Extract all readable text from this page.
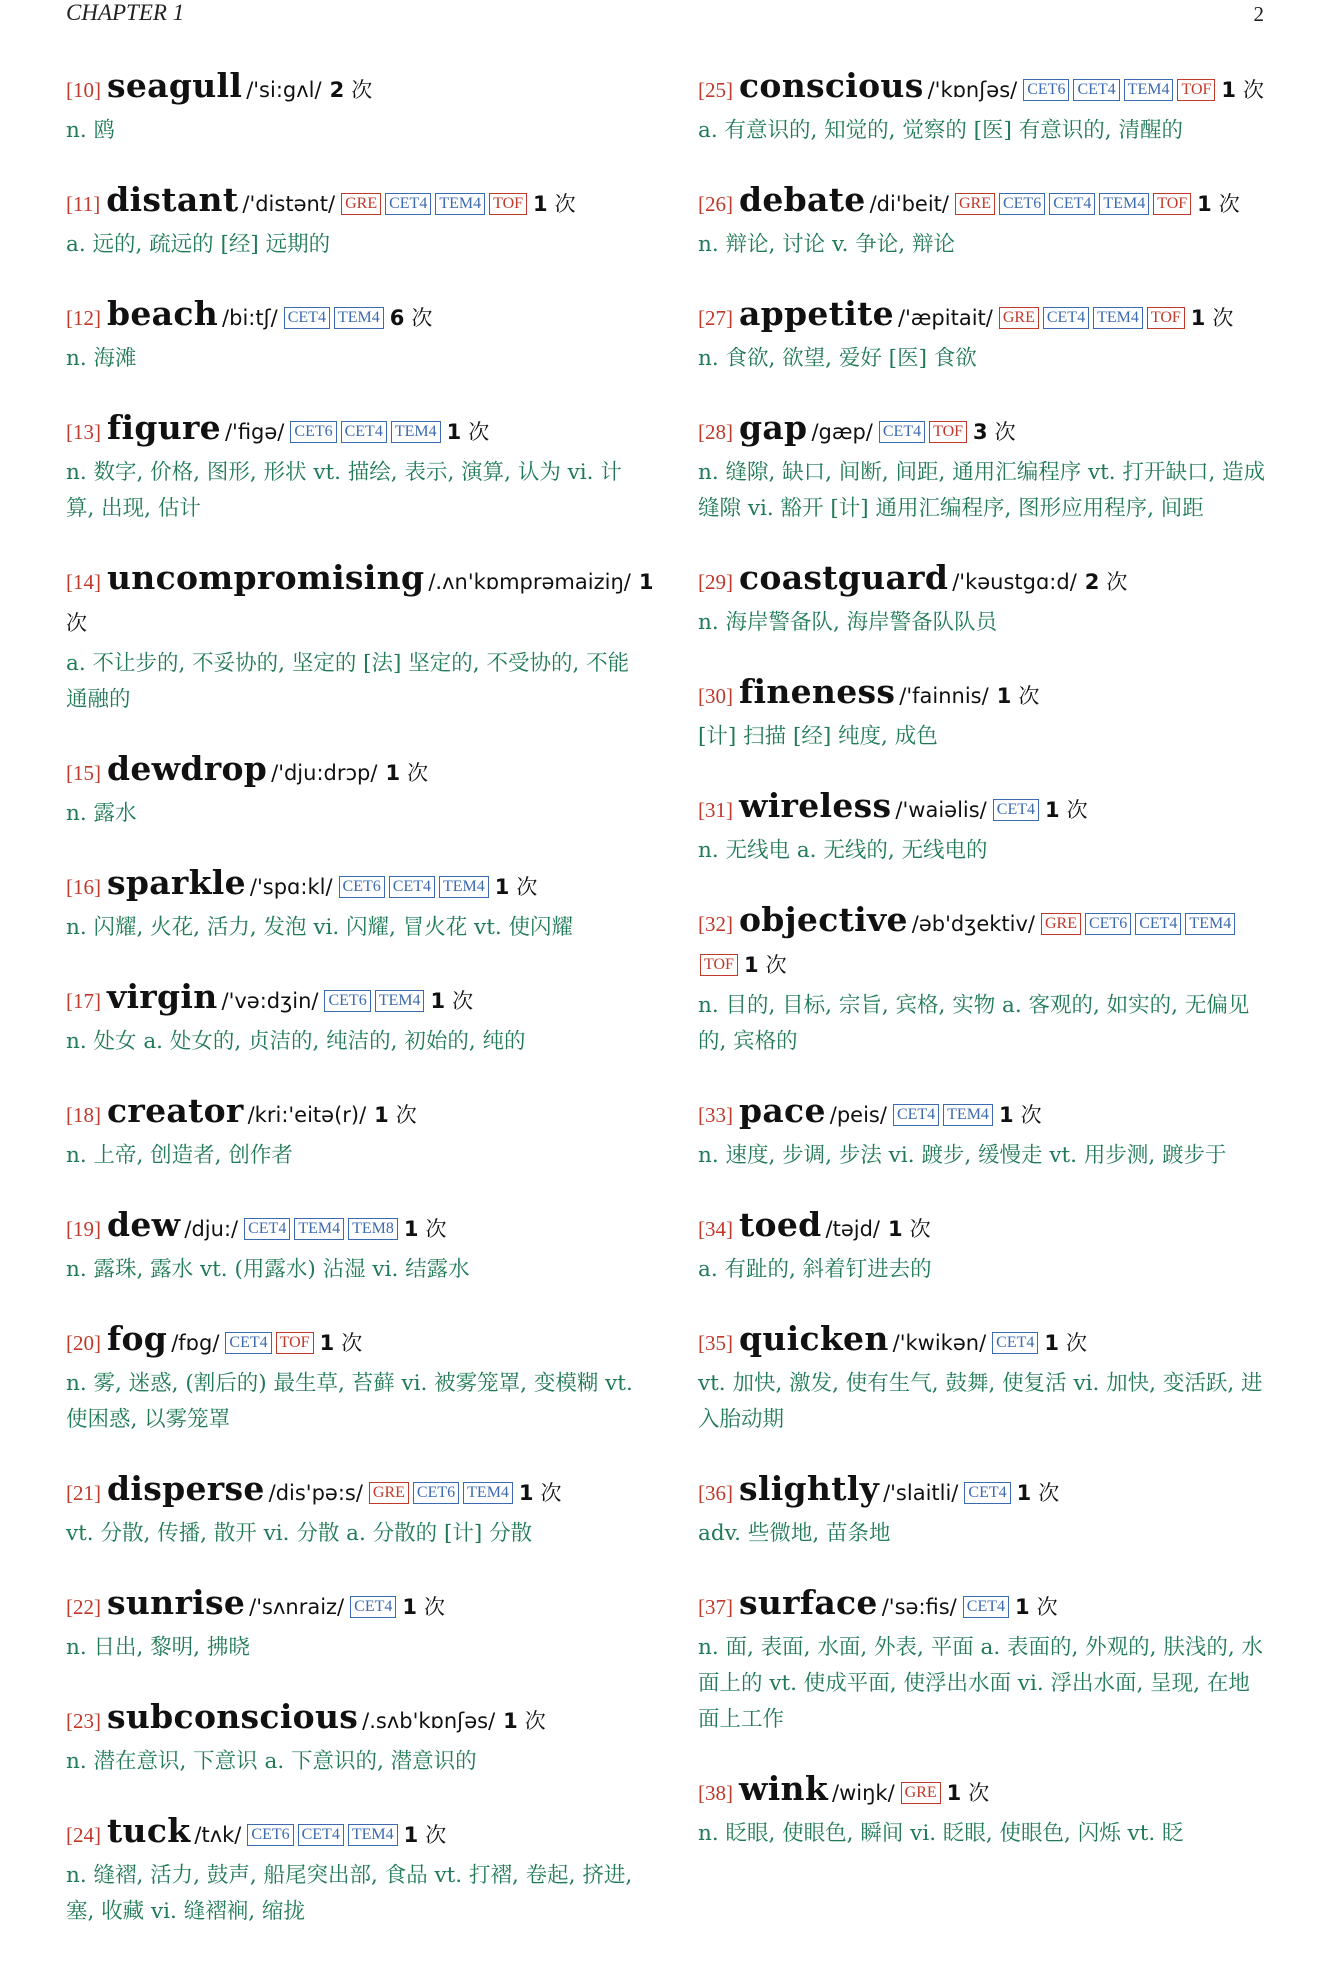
CHAPTER 1	2
[10] seagull /'si:gʌl/ 2 次
n. 鸥
[11] distant /'distənt/ GRE CET4 TEM4 TOF 1 次
a. 远的, 疏远的 [经] 远期的
[12] beach /bi:tʃ/ CET4 TEM4 6 次
n. 海滩
[13] figure /'figə/ CET6 CET4 TEM4 1 次
n. 数字, 价格, 图形, 形状 vt. 描绘, 表示, 演算, 认为 vi. 计算, 出现, 估计
[14] uncompromising /.ʌn'kɒmprəmaiziŋ/ 1 次
a. 不让步的, 不妥协的, 坚定的 [法] 坚定的, 不受协的, 不能通融的
[15] dewdrop /'dju:drɔp/ 1 次
n. 露水
[16] sparkle /'spɑ:kl/ CET6 CET4 TEM4 1 次
n. 闪耀, 火花, 活力, 发泡 vi. 闪耀, 冒火花 vt. 使闪耀
[17] virgin /'və:dʒin/ CET6 TEM4 1 次
n. 处女 a. 处女的, 贞洁的, 纯洁的, 初始的, 纯的
[18] creator /kri:'eitə(r)/ 1 次
n. 上帝, 创造者, 创作者
[19] dew /dju:/ CET4 TEM4 TEM8 1 次
n. 露珠, 露水 vt. (用露水) 沾湿 vi. 结露水
[20] fog /fɒg/ CET4 TOF 1 次
n. 雾, 迷惑, (割后的) 最生草, 苔藓 vi. 被雾笼罩, 变模糊 vt. 使困惑, 以雾笼罩
[21] disperse /dis'pə:s/ GRE CET6 TEM4 1 次
vt. 分散, 传播, 散开 vi. 分散 a. 分散的 [计] 分散
[22] sunrise /'sʌnraiz/ CET4 1 次
n. 日出, 黎明, 拂晓
[23] subconscious /.sʌb'kɒnʃəs/ 1 次
n. 潜在意识, 下意识 a. 下意识的, 潜意识的
[24] tuck /tʌk/ CET6 CET4 TEM4 1 次
n. 缝褶, 活力, 鼓声, 船尾突出部, 食品 vt. 打褶, 卷起, 挤进, 塞, 收藏 vi. 缝褶裥, 缩拢
[25] conscious /'kɒnʃəs/ CET6 CET4 TEM4 TOF 1 次
a. 有意识的, 知觉的, 觉察的 [医] 有意识的, 清醒的
[26] debate /di'beit/ GRE CET6 CET4 TEM4 TOF 1 次
n. 辩论, 讨论 v. 争论, 辩论
[27] appetite /'æpitait/ GRE CET4 TEM4 TOF 1 次
n. 食欲, 欲望, 爱好 [医] 食欲
[28] gap /gæp/ CET4 TOF 3 次
n. 缝隙, 缺口, 间断, 间距, 通用汇编程序 vt. 打开缺口, 造成缝隙 vi. 豁开 [计] 通用汇编程序, 图形应用程序, 间距
[29] coastguard /'kəustgɑ:d/ 2 次
n. 海岸警备队, 海岸警备队队员
[30] fineness /'fainnis/ 1 次
[计] 扫描 [经] 纯度, 成色
[31] wireless /'waiəlis/ CET4 1 次
n. 无线电 a. 无线的, 无线电的
[32] objective /əb'dʒektiv/ GRE CET6 CET4 TEM4TOF 1 次
n. 目的, 目标, 宗旨, 宾格, 实物 a. 客观的, 如实的, 无偏见的, 宾格的
[33] pace /peis/ CET4 TEM4 1 次
n. 速度, 步调, 步法 vi. 踱步, 缓慢走 vt. 用步测, 踱步于
[34] toed /təjd/ 1 次
a. 有趾的, 斜着钉进去的
[35] quicken /'kwikən/ CET4 1 次
vt. 加快, 激发, 使有生气, 鼓舞, 使复活 vi. 加快, 变活跃, 进入胎动期
[36] slightly /'slaitli/ CET4 1 次
adv. 些微地, 苗条地
[37] surface /'sə:fis/ CET4 1 次
n. 面, 表面, 水面, 外表, 平面 a. 表面的, 外观的, 肤浅的, 水面上的 vt. 使成平面, 使浮出水面 vi. 浮出水面, 呈现, 在地面上工作
[38] wink /wiŋk/ GRE 1 次
n. 眨眼, 使眼色, 瞬间 vi. 眨眼, 使眼色, 闪烁 vt. 眨
